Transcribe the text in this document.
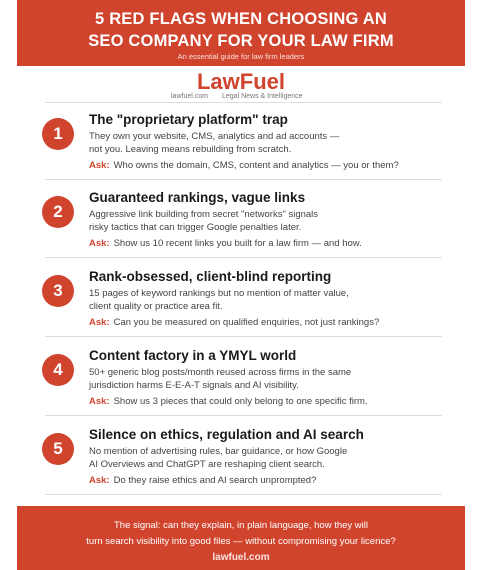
5 RED FLAGS WHEN CHOOSING AN
SEO COMPANY FOR YOUR LAW FIRM
An essential guide for law firm leaders
LawFuel
lawfuel.com Legal News & Intelligence
1
The "proprietary platform" trap
They own your website, CMS, analytics and ad accounts —
not you. Leaving means rebuilding from scratch.
Ask: Who owns the domain, CMS, content and analytics — you or them?
2
Guaranteed rankings, vague links
Aggressive link building from secret "networks" signals
risky tactics that can trigger Google penalties later.
Ask: Show us 10 recent links you built for a law firm — and how.
3
Rank-obsessed, client-blind reporting
15 pages of keyword rankings but no mention of matter value,
client quality or practice area fit.
Ask: Can you be measured on qualified enquiries, not just rankings?
4
Content factory in a YMYL world
50+ generic blog posts/month reused across firms in the same
jurisdiction harms E-E-A-T signals and AI visibility.
Ask: Show us 3 pieces that could only belong to one specific firm.
5
Silence on ethics, regulation and AI search
No mention of advertising rules, bar guidance, or how Google
AI Overviews and ChatGPT are reshaping client search.
Ask: Do they raise ethics and AI search unprompted?
The signal: can they explain, in plain language, how they will
turn search visibility into good files — without compromising your licence?
lawfuel.com
